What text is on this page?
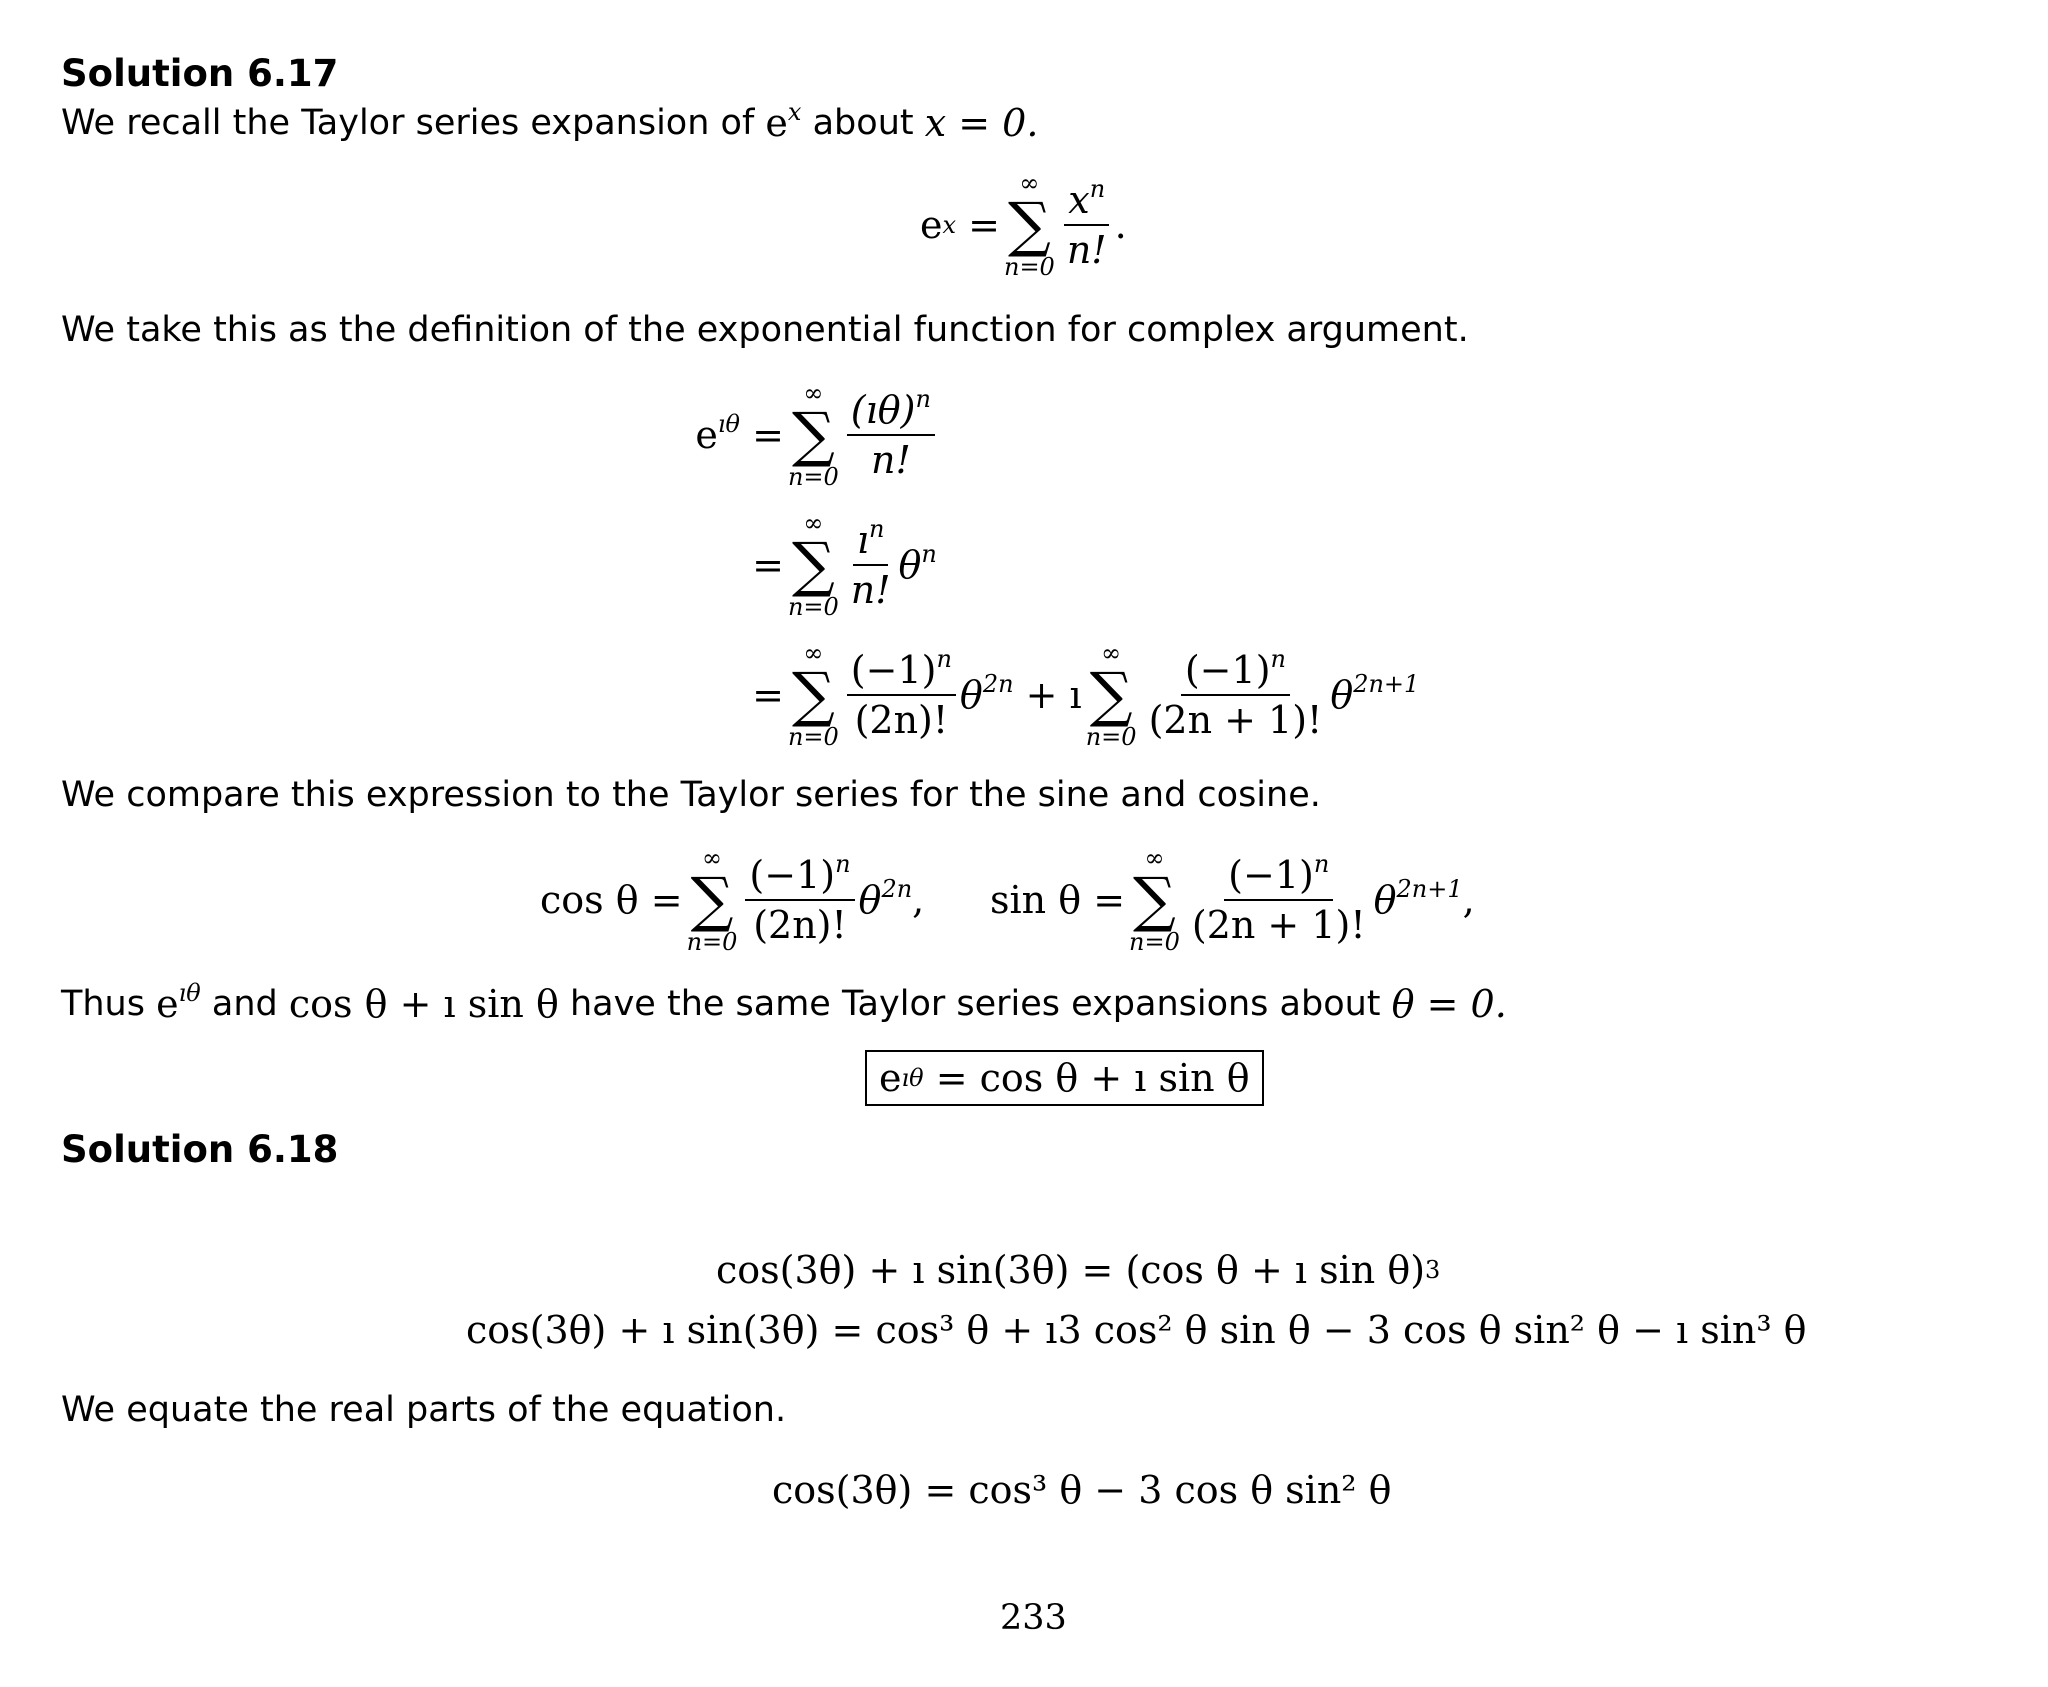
Solution 6.17
We recall the Taylor series expansion of
$e^x$
about
x = 0.
e x
=
∞
∑
$n=0 \frac{x^n}{n!}$ .
We take this as the definition of the exponential function for complex argument.
$e^{ı\theta}$
=
∞
∑
$n=0 \frac{(ı\theta)^n}{n!}$

=
∞
∑
$n=0 \frac{ı^n}{n!} \theta^n$

=
∞
∑
$n=0 \frac{(-1)^n}{(2n)!} \theta^{2n}$
+ ı
∞
∑
$n=0 \frac{(-1)^n}{(2n + 1)!} \theta^{2n+1}$
We compare this expression to the Taylor series for the sine and cosine.
cos θ
=
∞
∑
$n=0 \frac{(-1)^n}{(2n)!} \theta^{2n}$ , sin θ
=
∞
∑
$n=0 \frac{(-1)^n}{(2n + 1)!} \theta^{2n+1}$ ,
Thus
$e^{ı\theta}$
and
cos θ + ı sin θ
have the same Taylor series expansions about
θ = 0.
e ıθ
= cos θ + ı sin θ
Solution 6.18
cos(3θ) + ı sin(3θ)
= (cos θ + ı sin θ) 3
cos(3θ) + ı sin(3θ)
= cos³ θ + ı3 cos² θ sin θ − 3 cos θ sin² θ − ı sin³ θ
We equate the real parts of the equation.
cos(3θ) = cos³ θ − 3 cos θ sin² θ
233
